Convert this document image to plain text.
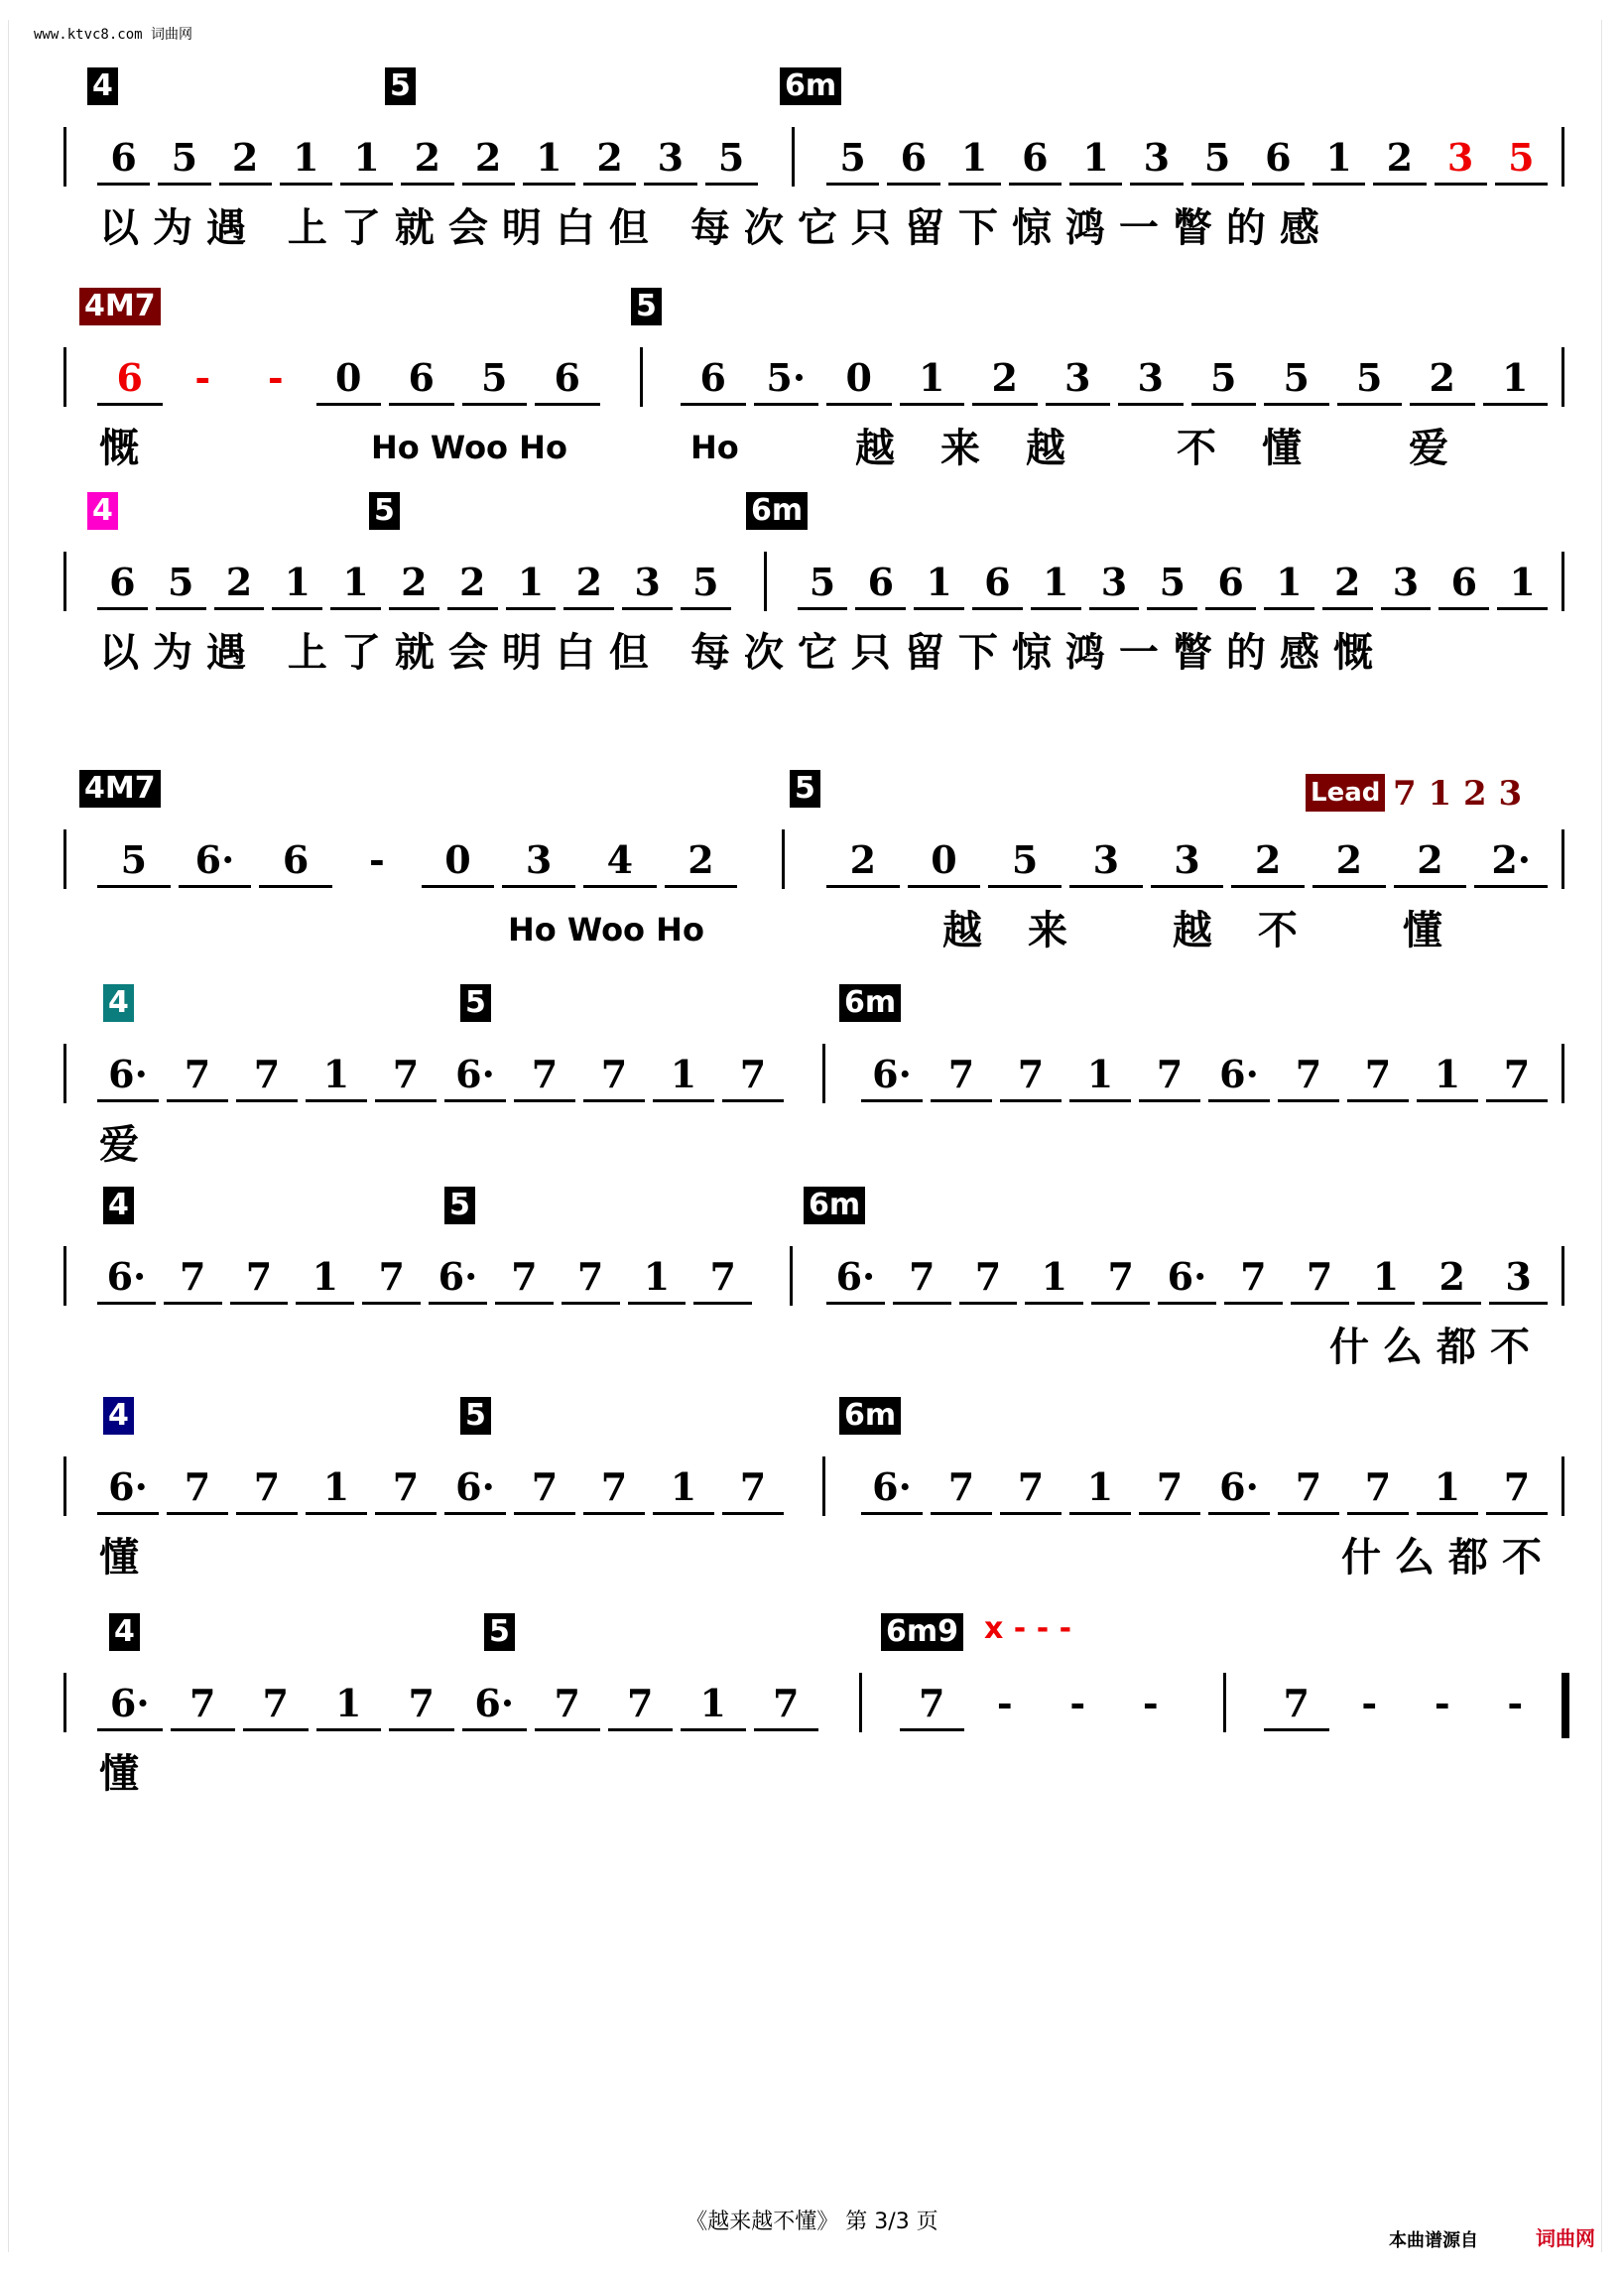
www.ktvc8.com 词曲网
4	5	6m
6 5 2 1 1 2 2 1 2 3 5	5 6 1 6 1 3 5 6 1 2 3 5
以为遇 上了就会明白但 每次它只留下惊鸿一瞥的感
4M7	5
6 - - 0 6 5 6	6 5· 0 1 2 3 3 5 5 5 2 1
越来越 不懂 爱
慨	Ho Woo Ho	Ho
4	5	6m
6 5 2 1 1 2 2 1 2 3 5 5 6 1 6 1 3 5 6 1 2 3 6 1
以为遇 上了就会明白但 每次它只留下惊鸿一瞥的感慨
4M7	5	Lead
5 6· 6 - 0 3 4 2	2 0 5 3 3 2 2 2 2·
越来 越不 懂
Ho Woo Ho
7 1 2 3
4	5	6m
6· 7 7 1 7 6· 7 7 1 7	6· 7 7 1 7 6· 7 7 1 7
爱
4	5	6m
6· 7 7 1 7 6· 7 7 1 7	6· 7 7 1 7 6· 7 7 1 2 3
什么都不
4	5	6m
6· 7 7 1 7 6· 7 7 1 7	6· 7 7 1 7 6· 7 7 1 7
什么都不
懂
4	5	6m9
6· 7 7 1 7 6· 7 7 1 7	7 - - -	7 - - -
懂
x - - -
《越来越不懂》 第 3/3 页
本曲谱源自	词曲网
